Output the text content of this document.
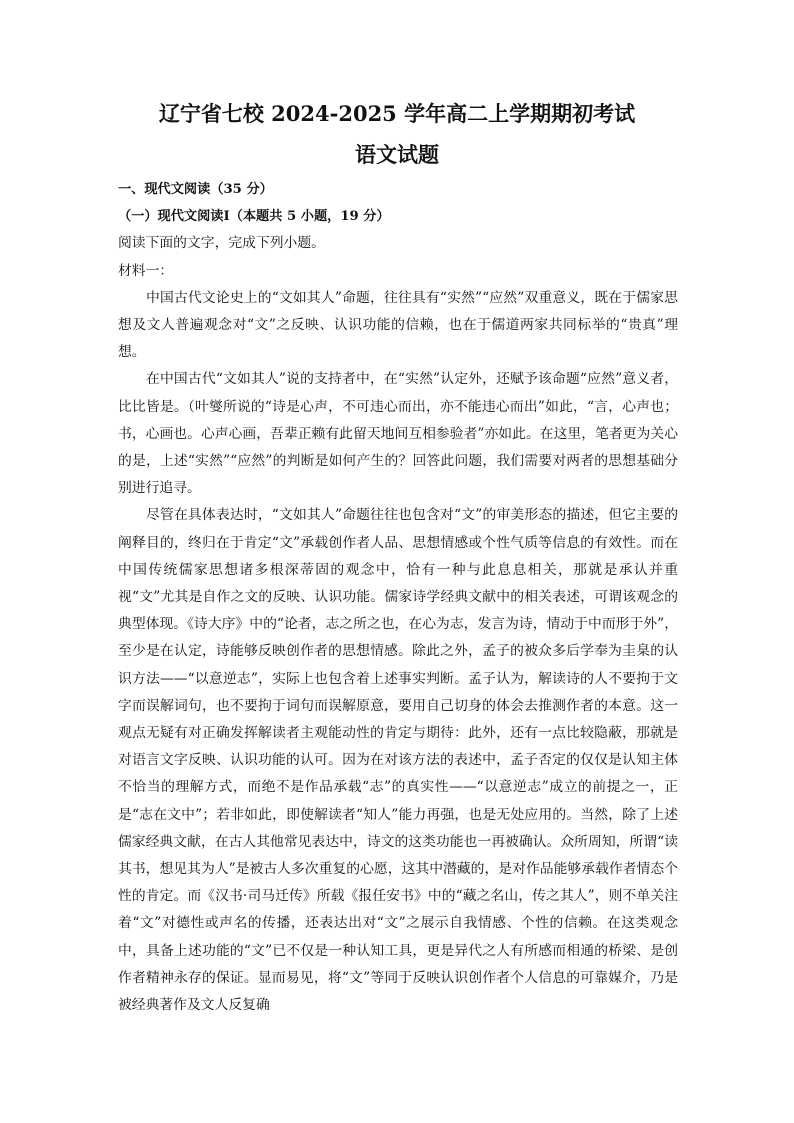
辽宁省七校 2024-2025 学年高二上学期期初考试
语文试题

一、现代文阅读（35 分）

（一）现代文阅读Ⅰ（本题共 5 小题，19 分）

阅读下面的文字，完成下列小题。

材料一：

中国古代文论史上的“文如其人”命题，往往具有“实然”“应然”双重意义，既在于儒家思想及文人普遍观念对“文”之反映、认识功能的信赖，也在于儒道两家共同标举的“贵真”理想。

在中国古代“文如其人”说的支持者中，在“实然”认定外，还赋予该命题“应然”意义者，比比皆是。（叶燮所说的“诗是心声，不可违心而出，亦不能违心而出”如此，“言，心声也；书，心画也。心声心画，吾辈正赖有此留天地间互相参验者”亦如此。在这里，笔者更为关心的是，上述“实然”“应然”的判断是如何产生的？回答此问题，我们需要对两者的思想基础分别进行追寻。

尽管在具体表达时，“文如其人”命题往往也包含对“文”的审美形态的描述，但它主要的阐释目的，终归在于肯定“文”承载创作者人品、思想情感或个性气质等信息的有效性。而在中国传统儒家思想诸多根深蒂固的观念中，恰有一种与此息息相关，那就是承认并重视“文”尤其是自作之文的反映、认识功能。儒家诗学经典文献中的相关表述，可谓该观念的典型体现。《诗大序》中的“论者，志之所之也，在心为志，发言为诗，情动于中而形于外”，至少是在认定，诗能够反映创作者的思想情感。除此之外，孟子的被众多后学奉为圭臬的认识方法——“以意逆志”，实际上也包含着上述事实判断。孟子认为，解读诗的人不要拘于文字而误解词句，也不要拘于词句而误解原意，要用自己切身的体会去推测作者的本意。这一观点无疑有对正确发挥解读者主观能动性的肯定与期待：此外，还有一点比较隐蔽，那就是对语言文字反映、认识功能的认可。因为在对该方法的表述中，孟子否定的仅仅是认知主体不恰当的理解方式，而绝不是作品承载“志”的真实性——“以意逆志”成立的前提之一，正是“志在文中”；若非如此，即使解读者“知人”能力再强，也是无处应用的。当然，除了上述儒家经典文献，在古人其他常见表达中，诗文的这类功能也一再被确认。众所周知，所谓“读其书，想见其为人”是被古人多次重复的心愿，这其中潜藏的，是对作品能够承载作者情态个性的肯定。而《汉书·司马迁传》所载《报任安书》中的“藏之名山，传之其人”，则不单关注着“文”对德性或声名的传播，还表达出对“文”之展示自我情感、个性的信赖。在这类观念中，具备上述功能的“文”已不仅是一种认知工具，更是异代之人有所感而相通的桥梁、是创作者精神永存的保证。显而易见，将“文”等同于反映认识创作者个人信息的可靠媒介，乃是被经典著作及文人反复确
